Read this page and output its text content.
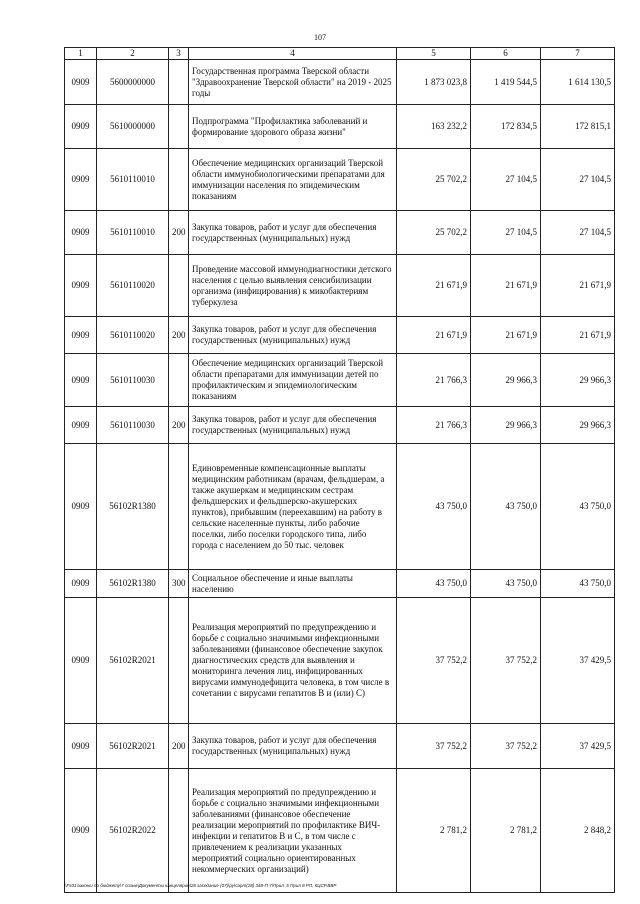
107
1	2	3	4	5	6	7
0909	5600000000		Государственная программа Тверской области "Здравоохранение Тверской области" на 2019 - 2025 годы	1 873 023,8	1 419 544,5	1 614 130,5
0909	5610000000		Подпрограмма "Профилактика заболеваний и формирование здорового образа жизни"	163 232,2	172 834,5	172 815,1
0909	5610110010		Обеспечение медицинских организаций Тверской области иммунобиологическими препаратами для иммунизации населения по эпидемическим показаниям	25 702,2	27 104,5	27 104,5
0909	5610110010	200	Закупка товаров, работ и услуг для обеспечения государственных (муниципальных) нужд	25 702,2	27 104,5	27 104,5
0909	5610110020		Проведение массовой иммунодиагностики детского населения с целью выявления сенсибилизации организма (инфицирования) к микобактериям туберкулеза	21 671,9	21 671,9	21 671,9
0909	5610110020	200	Закупка товаров, работ и услуг для обеспечения государственных (муниципальных) нужд	21 671,9	21 671,9	21 671,9
0909	5610110030		Обеспечение медицинских организаций Тверской области препаратами для иммунизации детей по профилактическим и эпидемиологическим показаниям	21 766,3	29 966,3	29 966,3
0909	5610110030	200	Закупка товаров, работ и услуг для обеспечения государственных (муниципальных) нужд	21 766,3	29 966,3	29 966,3
0909	56102R1380		Единовременные компенсационные выплаты медицинским работникам (врачам, фельдшерам, а также акушеркам и медицинским сестрам фельдшерских и фельдшерско-акушерских пунктов), прибывшим (переехавшим) на работу в сельские населенные пункты, либо рабочие поселки, либо поселки городского типа, либо города с населением до 50 тыс. человек	43 750,0	43 750,0	43 750,0
0909	56102R1380	300	Социальное обеспечение и иные выплаты населению	43 750,0	43 750,0	43 750,0
0909	56102R2021		Реализация мероприятий по предупреждению и борьбе с социально значимыми инфекционными заболеваниями (финансовое обеспечение закупок диагностических средств для выявления и мониторинга лечения лиц, инфицированных вирусами иммунодефицита человека, в том числе в сочетании с вирусами гепатитов В и (или) С)	37 752,2	37 752,2	37 429,5
0909	56102R2021	200	Закупка товаров, работ и услуг для обеспечения государственных (муниципальных) нужд	37 752,2	37 752,2	37 429,5
0909	56102R2022		Реализация мероприятий по предупреждению и борьбе с социально значимыми инфекционными заболеваниями (финансовое обеспечение реализации мероприятий по профилактике ВИЧ-инфекции и гепатитов В и С, в том числе с привлечением к реализации указанных мероприятий социально ориентированных некоммерческих организаций)	2 781,2	2 781,2	2 848,2
\\Fs01\законы по бюджету\7 созыв\Документы канцелярии\28 заседание (07)\ру\сарт(28) 348-П-7\Прил. 5 Прил 8 РП, КЦСР.ВВР
